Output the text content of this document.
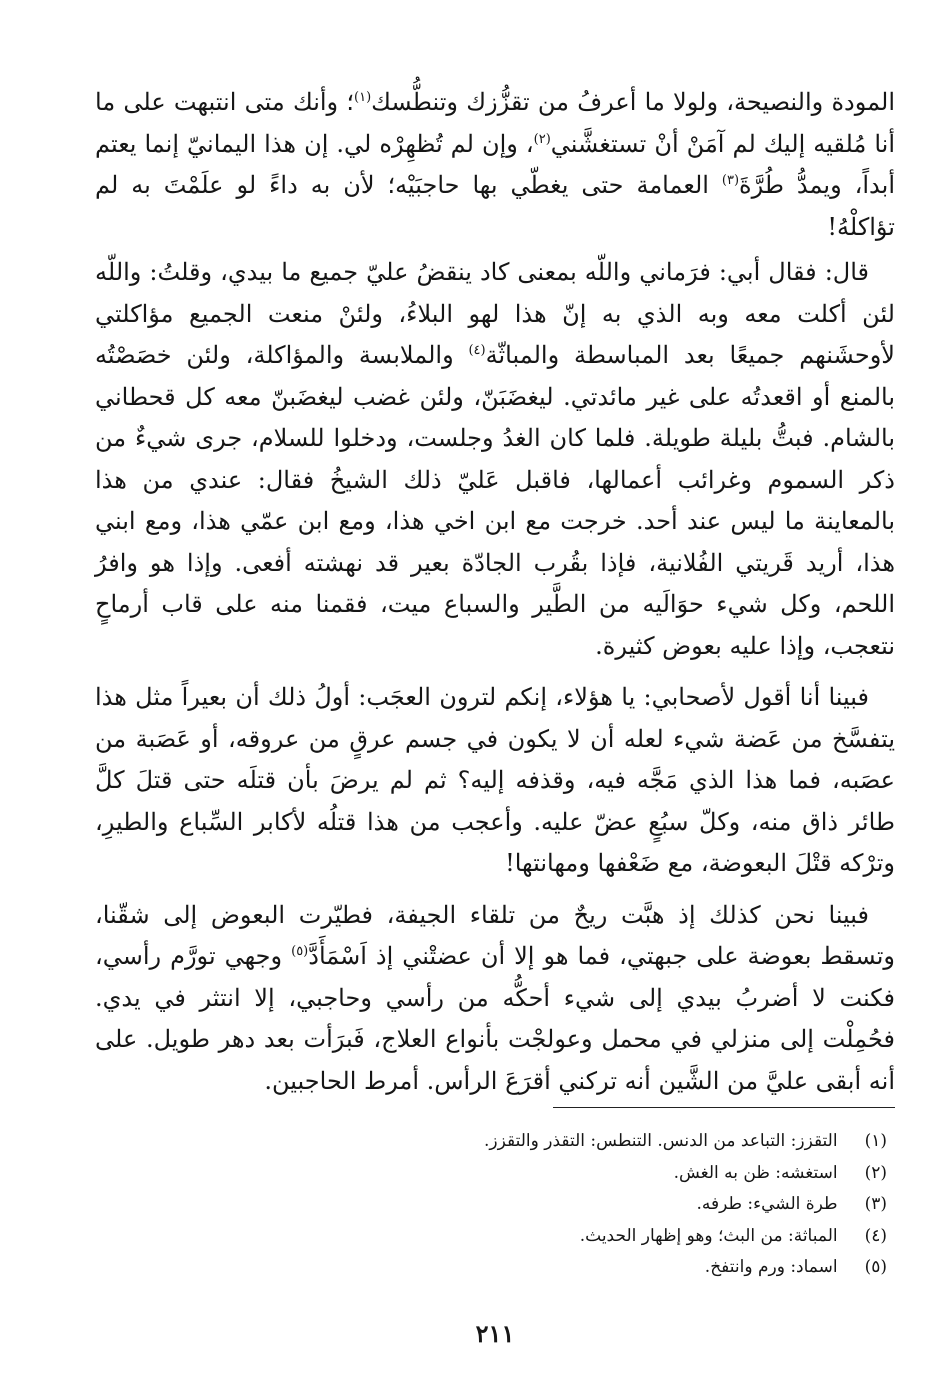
المودة والنصيحة، ولولا ما أعرفُ من تقزُّزك وتنطُّسك$^{(١)}$؛ وأنك متى انتبهت على ما أنا مُلقيه إليك لم آمَنْ أنْ تستغشَّني$^{(٢)}$، وإن لم تُظهِرْه لي. إن هذا اليمانيّ إنما يعتم أبداً، ويمدُّ طُرَّةَ$^{(٣)}$ العمامة حتى يغطّي بها حاجبَيْه؛ لأن به داءً لو علَمْتَ به لم تؤاكلْهُ!

قال: فقال أبي: فرَماني واللّه بمعنى كاد ينقضُ عليّ جميع ما بيدي، وقلتُ: واللّه لئن أكلت معه وبه الذي به إنّ هذا لهو البلاءُ، ولئنْ منعت الجميع مؤاكلتي لأوحشَنهم جميعًا بعد المباسطة والمباثّة$^{(٤)}$ والملابسة والمؤاكلة، ولئن خصَصْتُه بالمنع أو اقعدتُه على غير مائدتي. ليغضَبَنّ، ولئن غضب ليغضَبنّ معه كل قحطاني بالشام. فبتُّ بليلة طويلة. فلما كان الغدُ وجلست، ودخلوا للسلام، جرى شيءٌ من ذكر السموم وغرائب أعمالها، فاقبل عَليّ ذلك الشيخُ فقال: عندي من هذا بالمعاينة ما ليس عند أحد. خرجت مع ابن اخي هذا، ومع ابن عمّي هذا، ومع ابني هذا، أريد قَريتي الفُلانية، فإذا بقُرب الجادّة بعير قد نهشته أفعى. وإذا هو وافرُ اللحم، وكل شيء حوَالَيه من الطَّير والسباع ميت، فقمنا منه على قاب أرماحٍ نتعجب، وإذا عليه بعوض كثيرة.

فبينا أنا أقول لأصحابي: يا هؤلاء، إنكم لترون العجَب: أولُ ذلك أن بعيراً مثل هذا يتفسَّخ من عَضة شيء لعله أن لا يكون في جسم عرقٍ من عروقه، أو عَصَبة من عصَبه، فما هذا الذي مَجَّه فيه، وقذفه إليه؟ ثم لم يرضَ بأن قتلَه حتى قتلَ كلَّ طائر ذاق منه، وكلّ سبُعٍ عضّ عليه. وأعجب من هذا قتلُه لأكابر السِّباع والطيرِ، وترْكه قتْلَ البعوضة، مع ضَعْفها ومهانتها!

فبينا نحن كذلك إذ هبَّت ريحٌ من تلقاء الجيفة، فطيّرت البعوض إلى شقّنا، وتسقط بعوضة على جبهتي، فما هو إلا أن عضتْني إذ اَسْمَأَدَّ$^{(٥)}$ وجهي تورَّم رأسي، فكنت لا أضربُ بيدي إلى شيء أحكُّه من رأسي وحاجبي، إلا انتثر في يدي. فحُمِلْت إلى منزلي في محمل وعولجْت بأنواع العلاج، فَبرَأت بعد دهر طويل. على أنه أبقى عليَّ من الشَّين أنه تركني أقرَعَ الرأس. أمرط الحاجبين.

(١) التقزز: التباعد من الدنس. التنطس: التقذر والتقزز.
(٢) استغشه: ظن به الغش.
(٣) طرة الشيء: طرفه.
(٤) المباثة: من البث؛ وهو إظهار الحديث.
(٥) اسماد: ورم وانتفخ.
٢١١
